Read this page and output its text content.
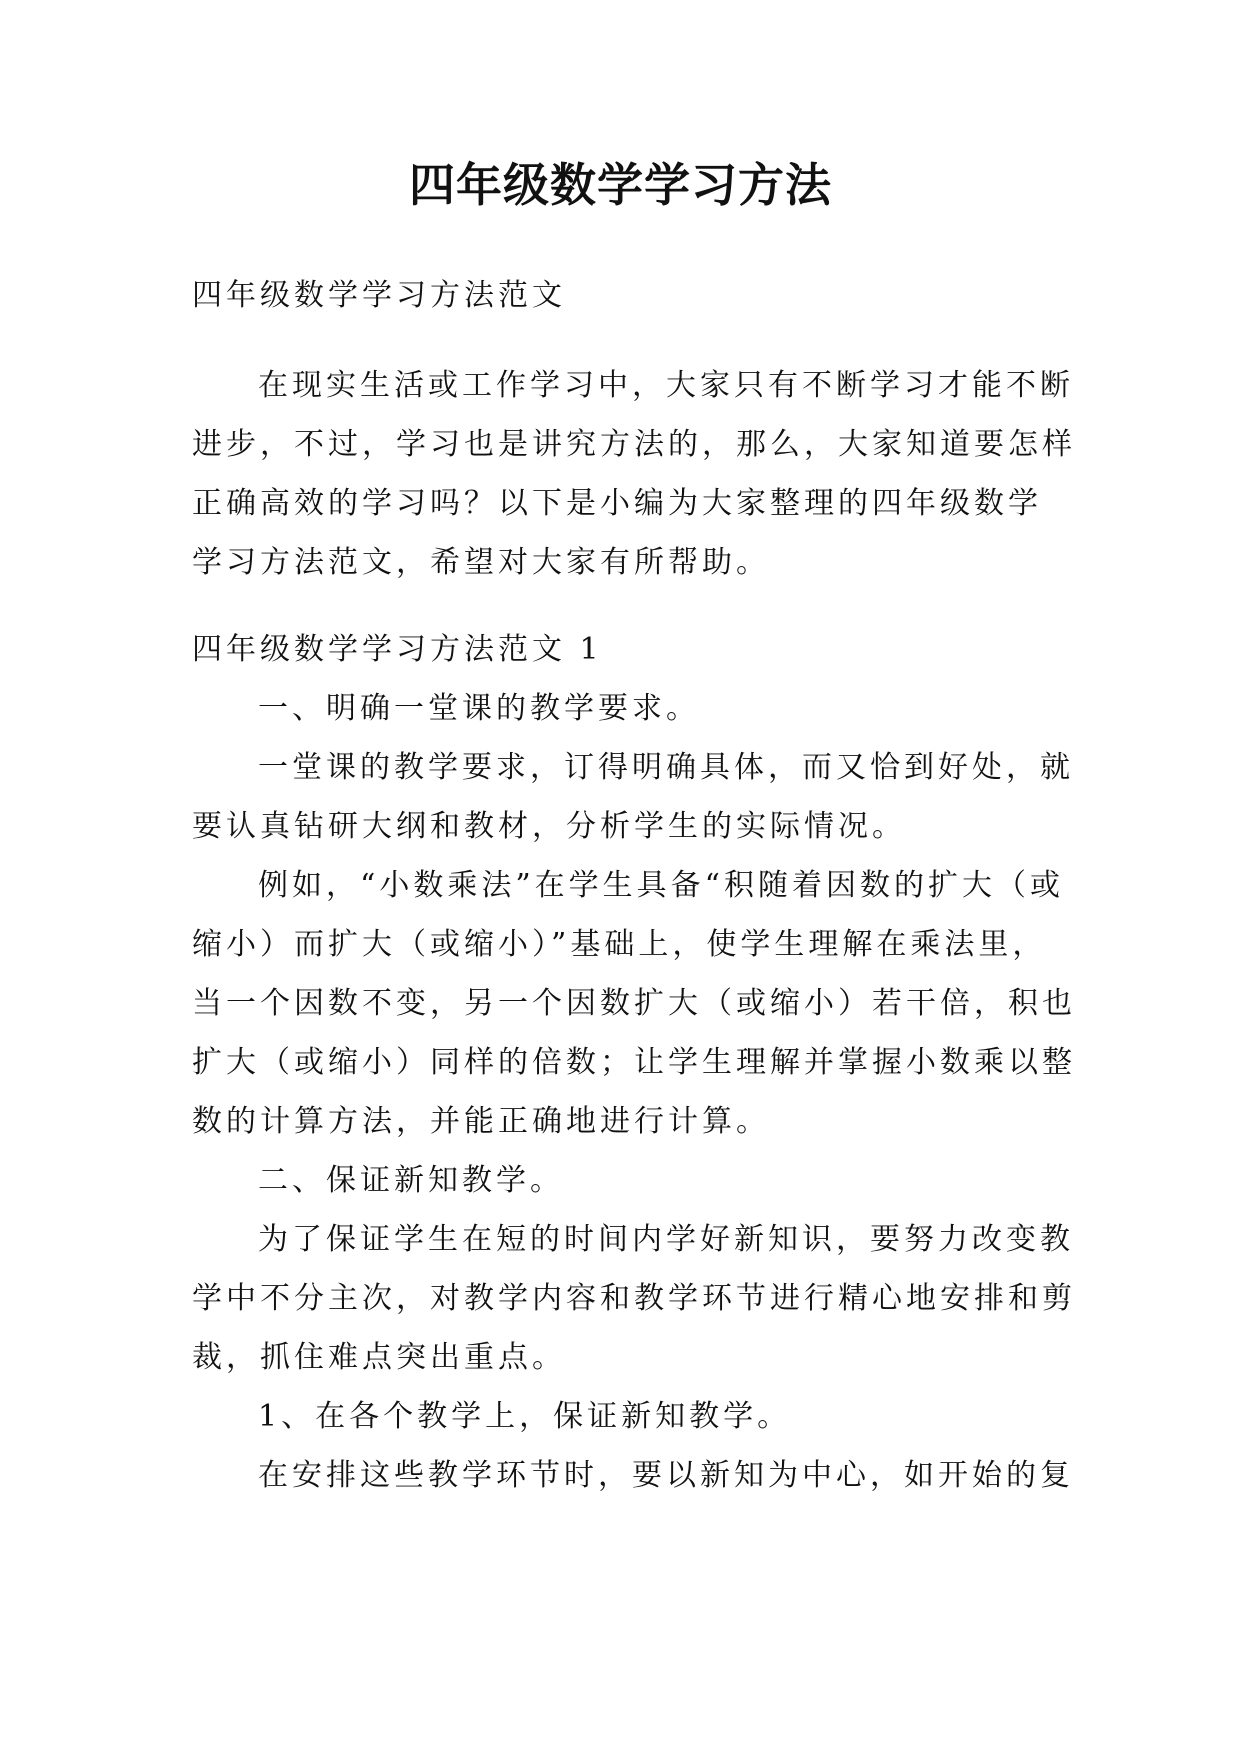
四年级数学学习方法
四年级数学学习方法范文
在现实生活或工作学习中，大家只有不断学习才能不断
进步，不过，学习也是讲究方法的，那么，大家知道要怎样
正确高效的学习吗？以下是小编为大家整理的四年级数学
学习方法范文，希望对大家有所帮助。
四年级数学学习方法范文 1
一、明确一堂课的教学要求。
一堂课的教学要求，订得明确具体，而又恰到好处，就
要认真钻研大纲和教材，分析学生的实际情况。
例如，“小数乘法”在学生具备“积随着因数的扩大（或
缩小）而扩大（或缩小）”基础上，使学生理解在乘法里，
当一个因数不变，另一个因数扩大（或缩小）若干倍，积也
扩大（或缩小）同样的倍数；让学生理解并掌握小数乘以整
数的计算方法，并能正确地进行计算。
二、保证新知教学。
为了保证学生在短的时间内学好新知识，要努力改变教
学中不分主次，对教学内容和教学环节进行精心地安排和剪
裁，抓住难点突出重点。
1、在各个教学上，保证新知教学。
在安排这些教学环节时，要以新知为中心，如开始的复
